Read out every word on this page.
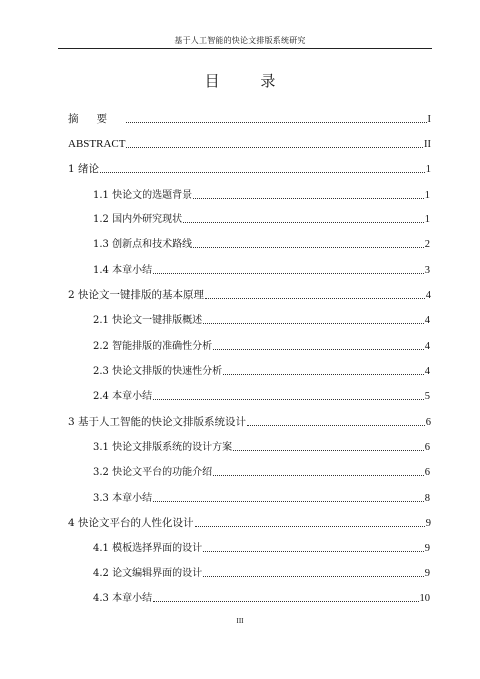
基于人工智能的快论文排版系统研究
目 录
摘要	I
ABSTRACT	II
1 绪论	1
1.1 快论文的选题背景	1
1.2 国内外研究现状	1
1.3 创新点和技术路线	2
1.4 本章小结	3
2 快论文一键排版的基本原理	4
2.1 快论文一键排版概述	4
2.2 智能排版的准确性分析	4
2.3 快论文排版的快速性分析	4
2.4 本章小结	5
3 基于人工智能的快论文排版系统设计	6
3.1 快论文排版系统的设计方案	6
3.2 快论文平台的功能介绍	6
3.3 本章小结	8
4 快论文平台的人性化设计	9
4.1 模板选择界面的设计	9
4.2 论文编辑界面的设计	9
4.3 本章小结	10
III
